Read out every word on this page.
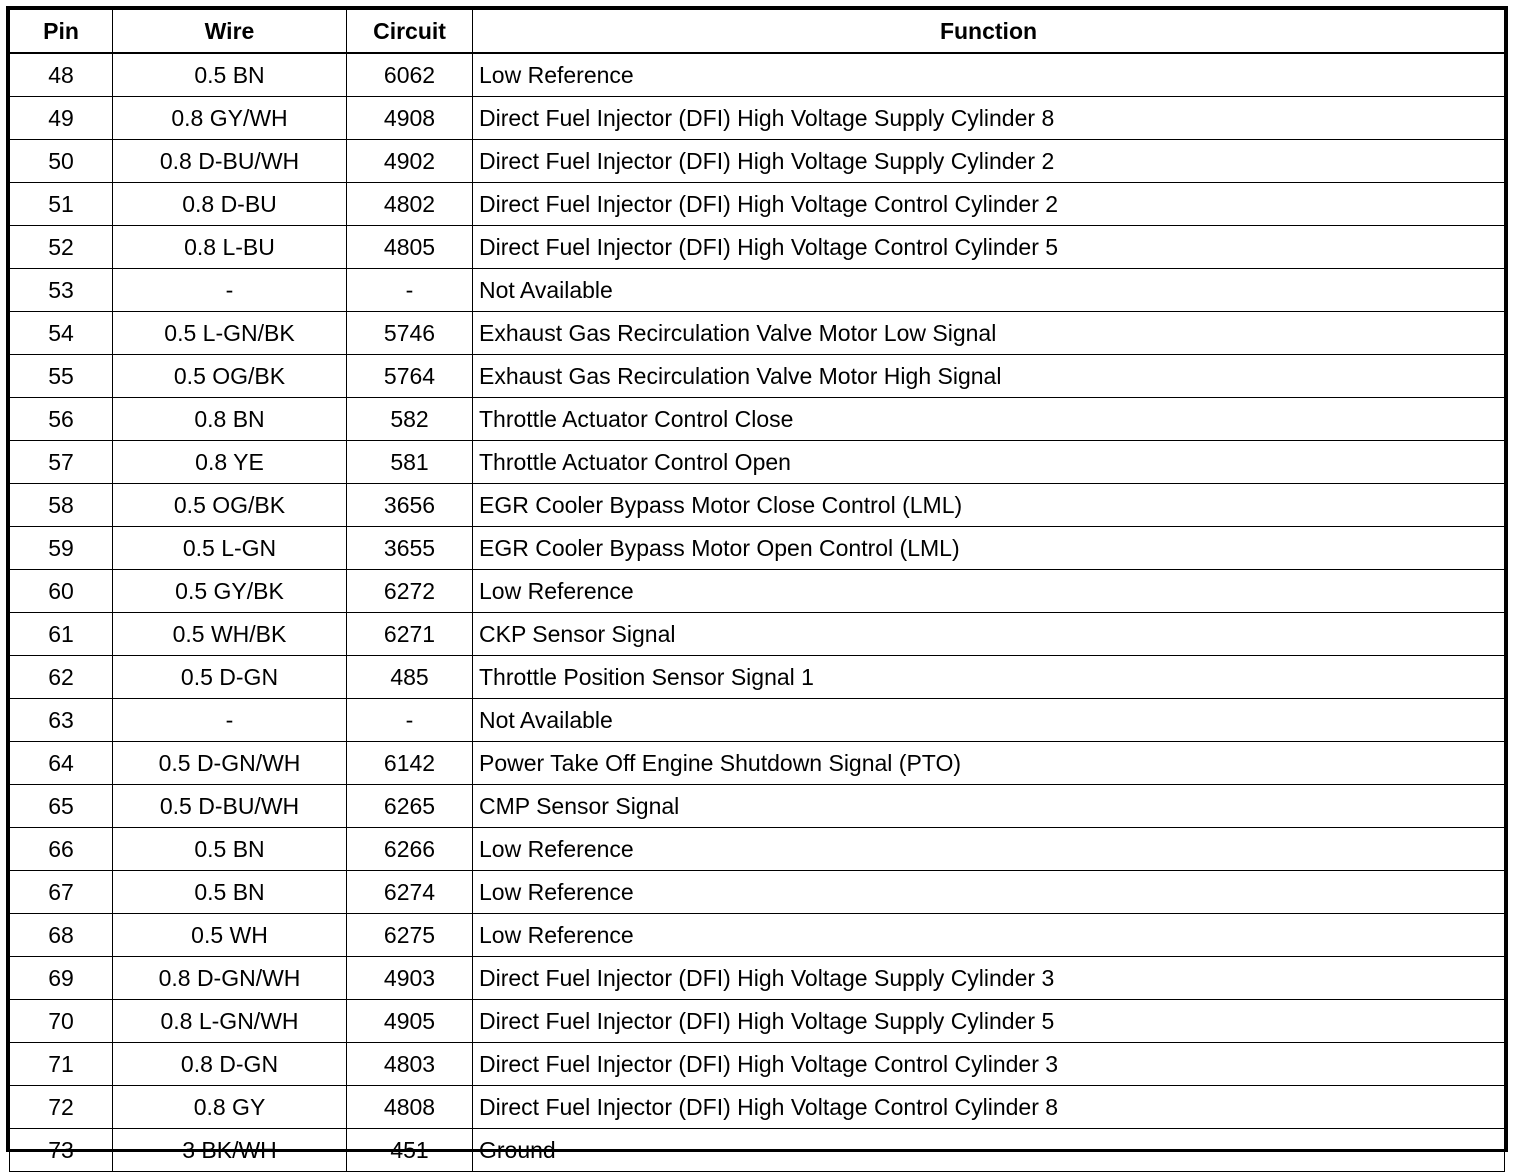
Pin	Wire	Circuit	Function
48	0.5 BN	6062	Low Reference
49	0.8 GY/WH	4908	Direct Fuel Injector (DFI) High Voltage Supply Cylinder 8
50	0.8 D-BU/WH	4902	Direct Fuel Injector (DFI) High Voltage Supply Cylinder 2
51	0.8 D-BU	4802	Direct Fuel Injector (DFI) High Voltage Control Cylinder 2
52	0.8 L-BU	4805	Direct Fuel Injector (DFI) High Voltage Control Cylinder 5
53	-	-	Not Available
54	0.5 L-GN/BK	5746	Exhaust Gas Recirculation Valve Motor Low Signal
55	0.5 OG/BK	5764	Exhaust Gas Recirculation Valve Motor High Signal
56	0.8 BN	582	Throttle Actuator Control Close
57	0.8 YE	581	Throttle Actuator Control Open
58	0.5 OG/BK	3656	EGR Cooler Bypass Motor Close Control (LML)
59	0.5 L-GN	3655	EGR Cooler Bypass Motor Open Control (LML)
60	0.5 GY/BK	6272	Low Reference
61	0.5 WH/BK	6271	CKP Sensor Signal
62	0.5 D-GN	485	Throttle Position Sensor Signal 1
63	-	-	Not Available
64	0.5 D-GN/WH	6142	Power Take Off Engine Shutdown Signal (PTO)
65	0.5 D-BU/WH	6265	CMP Sensor Signal
66	0.5 BN	6266	Low Reference
67	0.5 BN	6274	Low Reference
68	0.5 WH	6275	Low Reference
69	0.8 D-GN/WH	4903	Direct Fuel Injector (DFI) High Voltage Supply Cylinder 3
70	0.8 L-GN/WH	4905	Direct Fuel Injector (DFI) High Voltage Supply Cylinder 5
71	0.8 D-GN	4803	Direct Fuel Injector (DFI) High Voltage Control Cylinder 3
72	0.8 GY	4808	Direct Fuel Injector (DFI) High Voltage Control Cylinder 8
73	3 BK/WH	451	Ground
